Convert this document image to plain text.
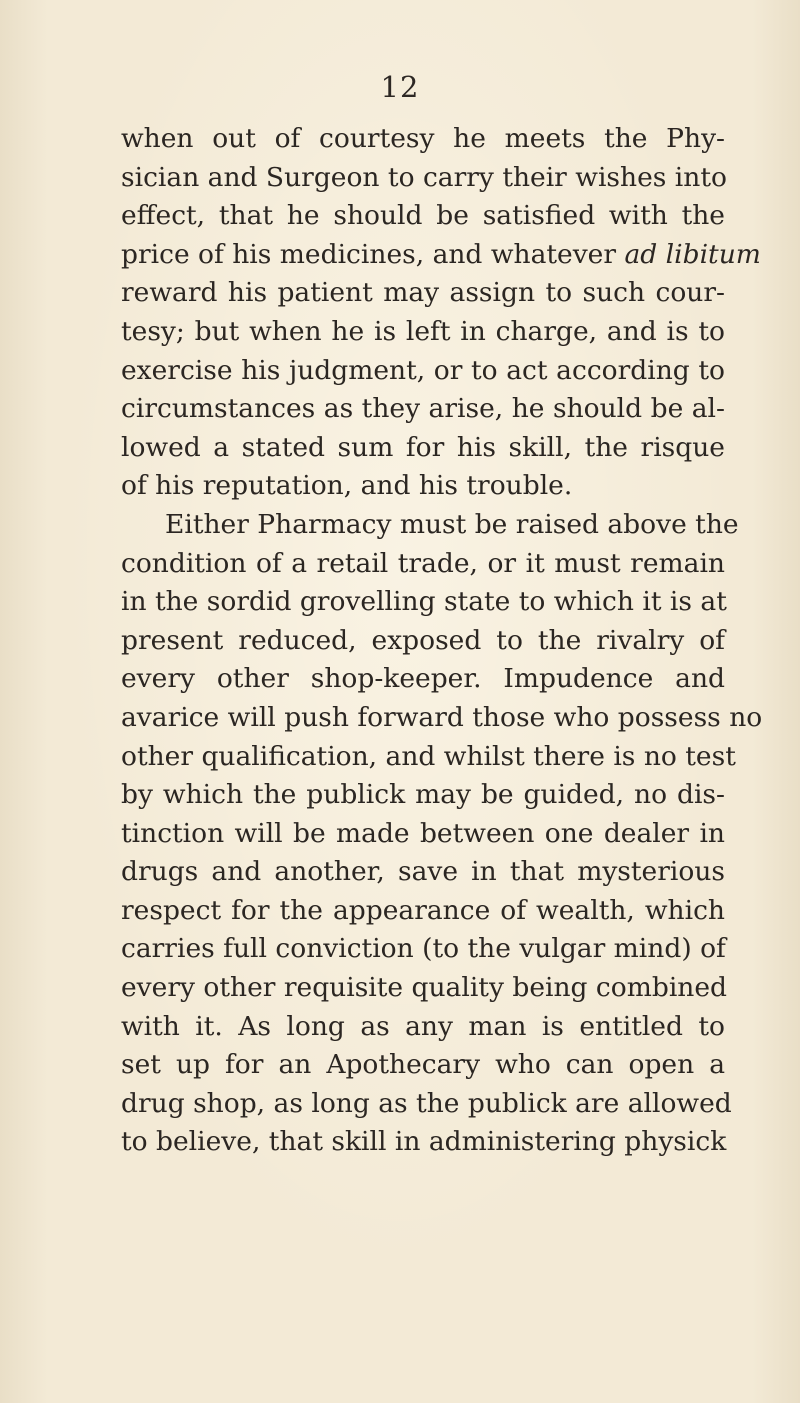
12
when out of courtesy he meets the Phy-
sician and Surgeon to carry their wishes into
effect, that he should be satisfied with the
price of his medicines, and whatever ad libitum
reward his patient may assign to such cour-
tesy; but when he is left in charge, and is to
exercise his judgment, or to act according to
circumstances as they arise, he should be al-
lowed a stated sum for his skill, the risque
of his reputation, and his trouble.
Either Pharmacy must be raised above the
condition of a retail trade, or it must remain
in the sordid grovelling state to which it is at
present reduced, exposed to the rivalry of
every other shop-keeper. Impudence and
avarice will push forward those who possess no
other qualification, and whilst there is no test
by which the publick may be guided, no dis-
tinction will be made between one dealer in
drugs and another, save in that mysterious
respect for the appearance of wealth, which
carries full conviction (to the vulgar mind) of
every other requisite quality being combined
with it. As long as any man is entitled to
set up for an Apothecary who can open a
drug shop, as long as the publick are allowed
to believe, that skill in administering physick
